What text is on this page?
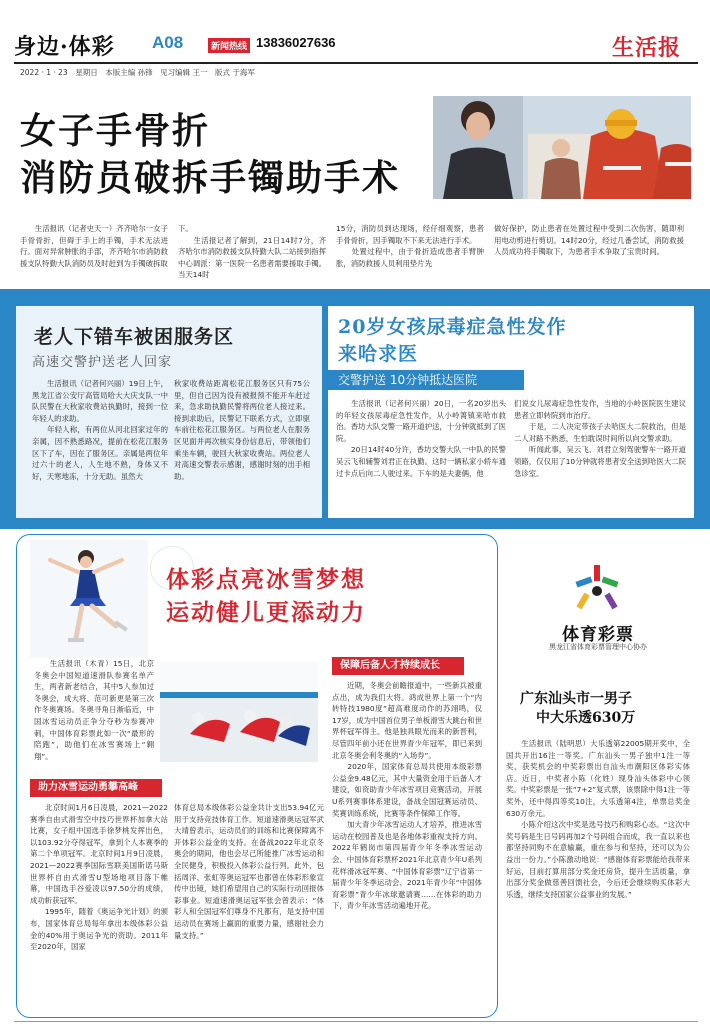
身边·体彩 A08	新闻热线 13836027636	生活报
2022 · 1 · 23　星期日　本版主编 孙锋　见习编辑 王一　版式 于海军
女子手骨折
消防员破拆手镯助手术
　　生活报讯（记者史天一）齐齐哈尔一女子手骨骨折，但碍于手上的手镯，手术无法进行。面对异常肿胀的手部，齐齐哈尔市消防救援支队特勤大队消防员及时赶到为手镯破拆取
下。
　　生活报记者了解到，21日14时7分，齐齐哈尔市消防救援支队特勤大队二站接到指挥中心调派：第一医院一名患者需要援取手镯。当天14时
15分，消防员到达现场，经仔细观察，患者手骨骨折，因手镯取不下来无法进行手术。
　　处置过程中，由于骨折造成患者手臂肿胀，消防救援人员利用垫片先
做好保护，防止患者在处置过程中受到二次伤害，随即利用电动剪进行剪切。14时20分，经过几番尝试，消防救援人员成功将手镯取下，为患者手术争取了宝贵时间。
老人下错车被困服务区
高速交警护送老人回家
　　生活报讯（记者何兴丽）19日上午，黑龙江省公安厅高管局哈大大庆支队一中队民警在大秋家收费站执勤时，接到一位年轻人的求助。
　　年轻人称，有两位从河北回家过年的亲属，因不熟悉路况，提前在松花江服务区下了车，因在了服务区。亲属是两位年过六十的老人，人生地不熟，身体又不好，天寒地冻，十分无助。虽然大
秋家收费站距离松花江服务区只有75公里，但自己因为没有被报预不能开车赶过来，急求助执勤民警将两位老人接过来。接到求助后，民警记下联系方式，立即驱车前往松花江服务区。与两位老人在服务区见面并再次核实身份信息后，带领他们乘坐车辆，驶回大秋家收费站。两位老人对高速交警表示感谢，感谢时刻的出手相助。
20岁女孩尿毒症急性发作
来哈求医
交警护送 10分钟抵达医院
　　生活报讯（记者何兴丽）20日，一名20岁出头的年轻女孩尿毒症急性发作，从小岭箐镇来哈市救治。香坊大队交警一路开道护送，十分钟就抵到了医院。
　　20日14时40分许，香坊交警大队一中队的民警吴云飞和辅警刘君正在执勤。这时一辆私家小轿车通过卡点后向二人驶过来。下车的是夫妻俩，他
们说女儿尿毒症急性发作，当地的小岭医院医生建议患者立即转院到市治疗。
　　于是，二人决定带孩子去哈医大二院救治，但是二人对路不熟悉，生怕耽误时间所以向交警求助。
　　听闻此事，吴云飞、刘君立刻驾驶警车一路开道领路，仅仅用了10分钟就将患者安全送到哈医大二院急诊室。
体彩点亮冰雪梦想
运动健儿更添动力
　　生活报讯（木青）15日，北京冬奥会中国短道速滑队参赛名单产生，两者新老结合，其中5人参加过冬奥会，成大将、范可新更是第三次作冬奥赛场。冬奥寻角日渐临近，中国冰雪运动员正争分夺秒为参赛冲刺，中国体育彩票此如一次“最形的陪跑”，助他们在冰雪赛场上“翱翔”。
保障后备人才持续成长
　　近期，冬奥会前瞻报道中，一些新兵被重点出，成为我们大将。鸿成世界上第一个“内转特技1980度”超高难度动作的苏翊鸣，仅17岁，成为中国首位男子单板滑雪大跳台和世界杯冠军得主。他是独具眼光而来的新晋利，尽管四年前小还在世界青少年冠军，即已来到北京冬奥会利冬奥的“入场券”。
　　2020年，国家体育总局共使用本级彩票公益金9.48亿元，其中大量资金用于后备人才建设，如资助青少年冰雪项目竞赛活动，开展U系列赛事体系建设，备战全国冠赛运动员、奖赛训练系统，比赛等条件保障工作等。
　　加大青少年冰雪运动人才培养，推进冰雪运动在校园普及也是各地体彩重视支持方向。2022年鹤岗市第四届青少年冬季冰雪运动会、中国体育彩票杯2021年北京青少年U系列花样滑冰冠军赛、“中国体育彩票”辽宁省第一届青少年冬季运动会、2021年青少年“中国体育彩票”青少年冰球邀请赛……在体彩的助力下，青少年冰雪活动遍地开花。
助力冰雪运动勇攀高峰
　　北京时间1月6日凌晨，2021—2022赛季自由式滑雪空中技巧世界杯加拿大站比赛，女子组中国选手徐梦桃发挥出色，以103.92分夺得冠军，拿到个人本赛季的第二个单项冠军。北京时间1月9日凌晨，2021—2022赛季国际雪联美国斯诺马斯世界杯自由式滑雪U型场地项目落下帷幕，中国选手谷爱凌以97.50分的成绩，成功斩获冠军。
　　1995年，随着《奥运争光计划》的颁布，国家体育总局每年拿出本级体彩公益金的40%用于奥运争光的资助。2011年至2020年，国家
体育总局本级体彩公益金共计支出53.94亿元用于支持竞技体育工作。短道速滑奥运冠军武大靖曾表示，运动员们的训练和比赛保障离不开体彩公益金的支持。在备战2022年北京冬奥会的期间，他也会尽己所能推广冰雪运动和全民健身，积极投入体彩公益行列。此外，包括周洋、张虹等奥运冠军也都曾在体彩形象宣传中出镜，她们希望用自己的实际行动回报体彩事业。短道速滑奥运冠军张会曾表示：“体彩人和全国冠军们尊身不凡都有，是支持中国运动员在赛场上赢面的重要力量，感谢社会力量支持。”
体育彩票
黑龙江省体育彩票管理中心协办
广东汕头市一男子
中大乐透630万
　　生活报讯（陆明思）大乐透第22005期开奖中，全国共开出16注一等奖。广东汕头一男子独中1注一等奖，获奖机会的中奖彩票出自汕头市潮阳区体彩实体店。近日，中奖者小陈（化姓）现身汕头体彩中心领奖。中奖彩票是一张“7+2”复式票，该票除中得1注一等奖外，还中得四等奖10注，大乐透第4注，单票总奖金630万余元。
　　小陈介绍这次中奖是选号技巧和购彩心态。“这次中奖号码是生日号码再加2个号码组合而成，我一直以来也都坚持同购不在意输赢，重在参与和坚持，还可以为公益出一份力。”小陈激动地说：“感谢体育彩票能给我带来好运，目前打算用部分奖金还房贷，提升生活质量，拿出部分奖金做慈善回馈社会，今后还会继续购买体彩大乐透，继续支持国家公益事业的发展。”
